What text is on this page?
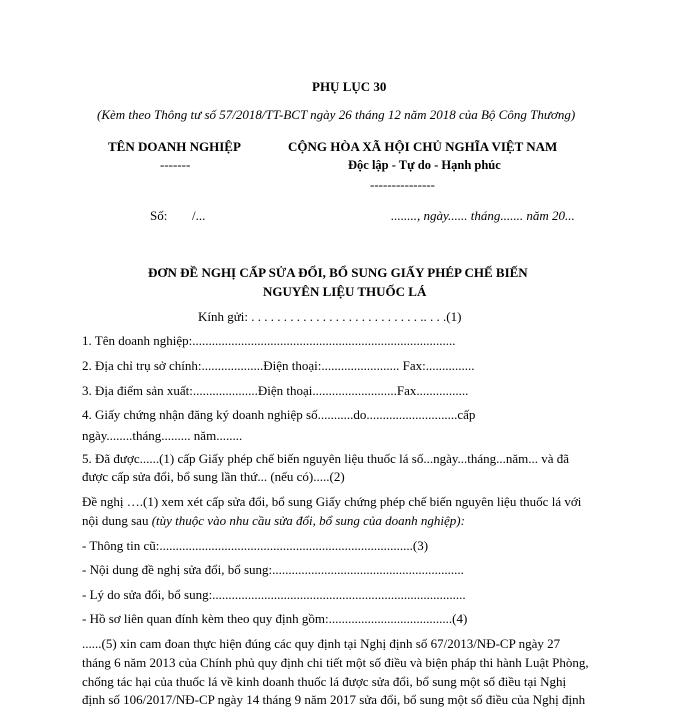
PHỤ LỤC 30
(Kèm theo Thông tư số 57/2018/TT-BCT ngày 26 tháng 12 năm 2018 của Bộ Công Thương)
TÊN DOANH NGHIỆP
-------
CỘNG HÒA XÃ HỘI CHỦ NGHĨA VIỆT NAM
Độc lập - Tự do - Hạnh phúc
---------------
Số: /...	........, ngày...... tháng....... năm 20...
ĐƠN ĐỀ NGHỊ CẤP SỬA ĐỔI, BỔ SUNG GIẤY PHÉP CHẾ BIẾN
NGUYÊN LIỆU THUỐC LÁ
Kính gửi: . . . . . . . . . . . . . . . . . . . . . . . . . . .. . . .(1)
1. Tên doanh nghiệp:.................................................................................
2. Địa chỉ trụ sở chính:...................Điện thoại:........................ Fax:...............
3. Địa điểm sản xuất:....................Điện thoại..........................Fax................
4. Giấy chứng nhận đăng ký doanh nghiệp số...........do............................cấp
ngày........tháng......... năm........
5. Đã được......(1) cấp Giấy phép chế biến nguyên liệu thuốc lá số...ngày...tháng...năm... và đã
được cấp sửa đổi, bổ sung lần thứ... (nếu có).....(2)
Đề nghị ….(1) xem xét cấp sửa đổi, bổ sung Giấy chứng phép chế biến nguyên liệu thuốc lá với
nội dung sau (tùy thuộc vào nhu cầu sửa đổi, bổ sung của doanh nghiệp):
- Thông tin cũ:..............................................................................(3)
- Nội dung đề nghị sửa đổi, bổ sung:...........................................................
- Lý do sửa đổi, bổ sung:..............................................................................
- Hồ sơ liên quan đính kèm theo quy định gồm:......................................(4)
......(5) xin cam đoan thực hiện đúng các quy định tại Nghị định số 67/2013/NĐ-CP ngày 27
tháng 6 năm 2013 của Chính phủ quy định chi tiết một số điều và biện pháp thi hành Luật Phòng,
chống tác hại của thuốc lá về kinh doanh thuốc lá được sửa đổi, bổ sung một số điều tại Nghị
định số 106/2017/NĐ-CP ngày 14 tháng 9 năm 2017 sửa đổi, bổ sung một số điều của Nghị định
